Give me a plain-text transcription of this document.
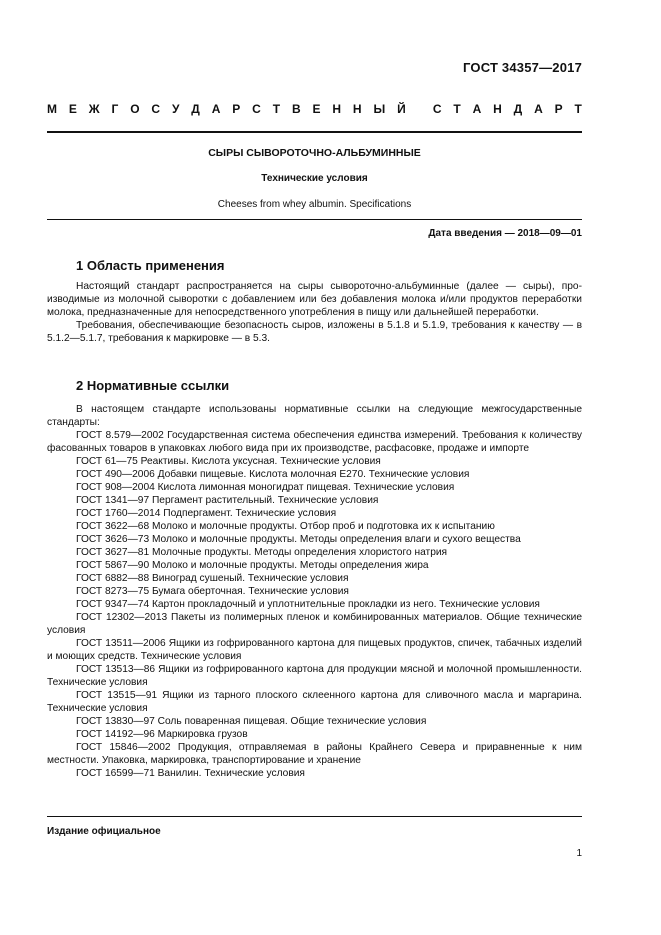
ГОСТ 34357—2017
М Е Ж Г О С У Д А Р С Т В Е Н Н Ы Й
С Т А Н Д А Р Т
СЫРЫ СЫВОРОТОЧНО-АЛЬБУМИННЫЕ
Технические условия
Cheeses from whey albumin. Specifications
Дата введения — 2018—09—01
1 Область применения

Настоящий стандарт распространяется на сыры сывороточно-альбуминные (далее — сыры), производимые из молочной сыворотки с добавлением или без добавления молока и/или продуктов переработки молока, предназначенные для непосредственного употребления в пищу или дальнейшей переработки.

Требования, обеспечивающие безопасность сыров, изложены в 5.1.8 и 5.1.9, требования к качеству — в 5.1.2—5.1.7, требования к маркировке — в 5.3.

2 Нормативные ссылки

В настоящем стандарте использованы нормативные ссылки на следующие межгосударственные стандарты:

ГОСТ 8.579—2002 Государственная система обеспечения единства измерений. Требования к количеству фасованных товаров в упаковках любого вида при их производстве, расфасовке, продаже и импорте

ГОСТ 61—75 Реактивы. Кислота уксусная. Технические условия

ГОСТ 490—2006 Добавки пищевые. Кислота молочная Е270. Технические условия

ГОСТ 908—2004 Кислота лимонная моногидрат пищевая. Технические условия

ГОСТ 1341—97 Пергамент растительный. Технические условия

ГОСТ 1760—2014 Подпергамент. Технические условия

ГОСТ 3622—68 Молоко и молочные продукты. Отбор проб и подготовка их к испытанию

ГОСТ 3626—73 Молоко и молочные продукты. Методы определения влаги и сухого вещества

ГОСТ 3627—81 Молочные продукты. Методы определения хлористого натрия

ГОСТ 5867—90 Молоко и молочные продукты. Методы определения жира

ГОСТ 6882—88 Виноград сушеный. Технические условия

ГОСТ 8273—75 Бумага оберточная. Технические условия

ГОСТ 9347—74 Картон прокладочный и уплотнительные прокладки из него. Технические условия

ГОСТ 12302—2013 Пакеты из полимерных пленок и комбинированных материалов. Общие технические условия

ГОСТ 13511—2006 Ящики из гофрированного картона для пищевых продуктов, спичек, табачных изделий и моющих средств. Технические условия

ГОСТ 13513—86 Ящики из гофрированного картона для продукции мясной и молочной промышленности. Технические условия

ГОСТ 13515—91 Ящики из тарного плоского склеенного картона для сливочного масла и маргарина. Технические условия

ГОСТ 13830—97 Соль поваренная пищевая. Общие технические условия

ГОСТ 14192—96 Маркировка грузов

ГОСТ 15846—2002 Продукция, отправляемая в районы Крайнего Севера и приравненные к ним местности. Упаковка, маркировка, транспортирование и хранение

ГОСТ 16599—71 Ванилин. Технические условия

Издание официальное
1
